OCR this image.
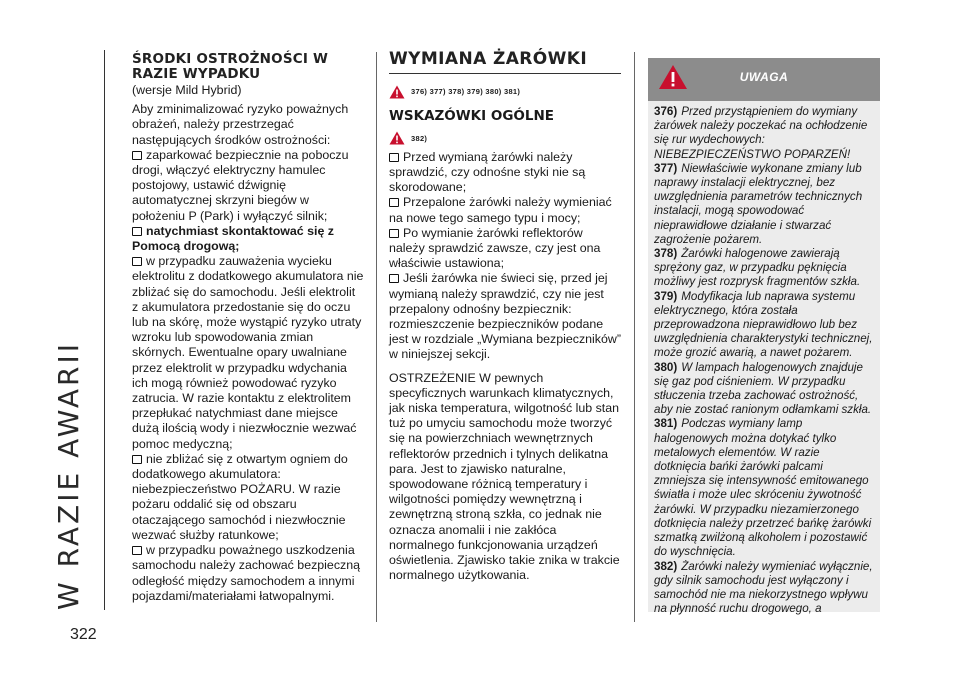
W RAZIE AWARII
322
ŚRODKI OSTROŻNOŚCI W RAZIE WYPADKU
(wersje Mild Hybrid)
Aby zminimalizować ryzyko poważnych obrażeń, należy przestrzegać następujących środków ostrożności:
zaparkować bezpiecznie na poboczu drogi, włączyć elektryczny hamulec postojowy, ustawić dźwignię automatycznej skrzyni biegów w położeniu P (Park) i wyłączyć silnik;
natychmiast skontaktować się z Pomocą drogową;
w przypadku zauważenia wycieku elektrolitu z dodatkowego akumulatora nie zbliżać się do samochodu. Jeśli elektrolit z akumulatora przedostanie się do oczu lub na skórę, może wystąpić ryzyko utraty wzroku lub spowodowania zmian skórnych. Ewentualne opary uwalniane przez elektrolit w przypadku wdychania ich mogą również powodować ryzyko zatrucia. W razie kontaktu z elektrolitem przepłukać natychmiast dane miejsce dużą ilością wody i niezwłocznie wezwać pomoc medyczną;
nie zbliżać się z otwartym ogniem do dodatkowego akumulatora: niebezpieczeństwo POŻARU. W razie pożaru oddalić się od obszaru otaczającego samochód i niezwłocznie wezwać służby ratunkowe;
w przypadku poważnego uszkodzenia samochodu należy zachować bezpieczną odległość między samochodem a innymi pojazdami/materiałami łatwopalnymi.
WYMIANA ŻARÓWKI
376) 377) 378) 379) 380) 381)
WSKAZÓWKI OGÓLNE
382)
Przed wymianą żarówki należy sprawdzić, czy odnośne styki nie są skorodowane;
Przepalone żarówki należy wymieniać na nowe tego samego typu i mocy;
Po wymianie żarówki reflektorów należy sprawdzić zawsze, czy jest ona właściwie ustawiona;
Jeśli żarówka nie świeci się, przed jej wymianą należy sprawdzić, czy nie jest przepalony odnośny bezpiecznik: rozmieszczenie bezpieczników podane jest w rozdziale „Wymiana bezpieczników” w niniejszej sekcji.
OSTRZEŻENIE W pewnych specyficznych warunkach klimatycznych, jak niska temperatura, wilgotność lub stan tuż po umyciu samochodu może tworzyć się na powierzchniach wewnętrznych reflektorów przednich i tylnych delikatna para. Jest to zjawisko naturalne, spowodowane różnicą temperatury i wilgotności pomiędzy wewnętrzną i zewnętrzną stroną szkła, co jednak nie oznacza anomalii i nie zakłóca normalnego funkcjonowania urządzeń oświetlenia. Zjawisko takie znika w trakcie normalnego użytkowania.
UWAGA
376) Przed przystąpieniem do wymiany żarówek należy poczekać na ochłodzenie się rur wydechowych: NIEBEZPIECZEŃSTWO POPARZEŃ!
377) Niewłaściwie wykonane zmiany lub naprawy instalacji elektrycznej, bez uwzględnienia parametrów technicznych instalacji, mogą spowodować nieprawidłowe działanie i stwarzać zagrożenie pożarem.
378) Żarówki halogenowe zawierają sprężony gaz, w przypadku pęknięcia możliwy jest rozprysk fragmentów szkła.
379) Modyfikacja lub naprawa systemu elektrycznego, która została przeprowadzona nieprawidłowo lub bez uwzględnienia charakterystyki technicznej, może grozić awarią, a nawet pożarem.
380) W lampach halogenowych znajduje się gaz pod ciśnieniem. W przypadku stłuczenia trzeba zachować ostrożność, aby nie zostać ranionym odłamkami szkła.
381) Podczas wymiany lamp halogenowych można dotykać tylko metalowych elementów. W razie dotknięcia bańki żarówki palcami zmniejsza się intensywność emitowanego światła i może ulec skróceniu żywotność żarówki. W przypadku niezamierzonego dotknięcia należy przetrzeć bańkę żarówki szmatką zwilżoną alkoholem i pozostawić do wyschnięcia.
382) Żarówki należy wymieniać wyłącznie, gdy silnik samochodu jest wyłączony i samochód nie ma niekorzystnego wpływu na płynność ruchu drogowego, a
